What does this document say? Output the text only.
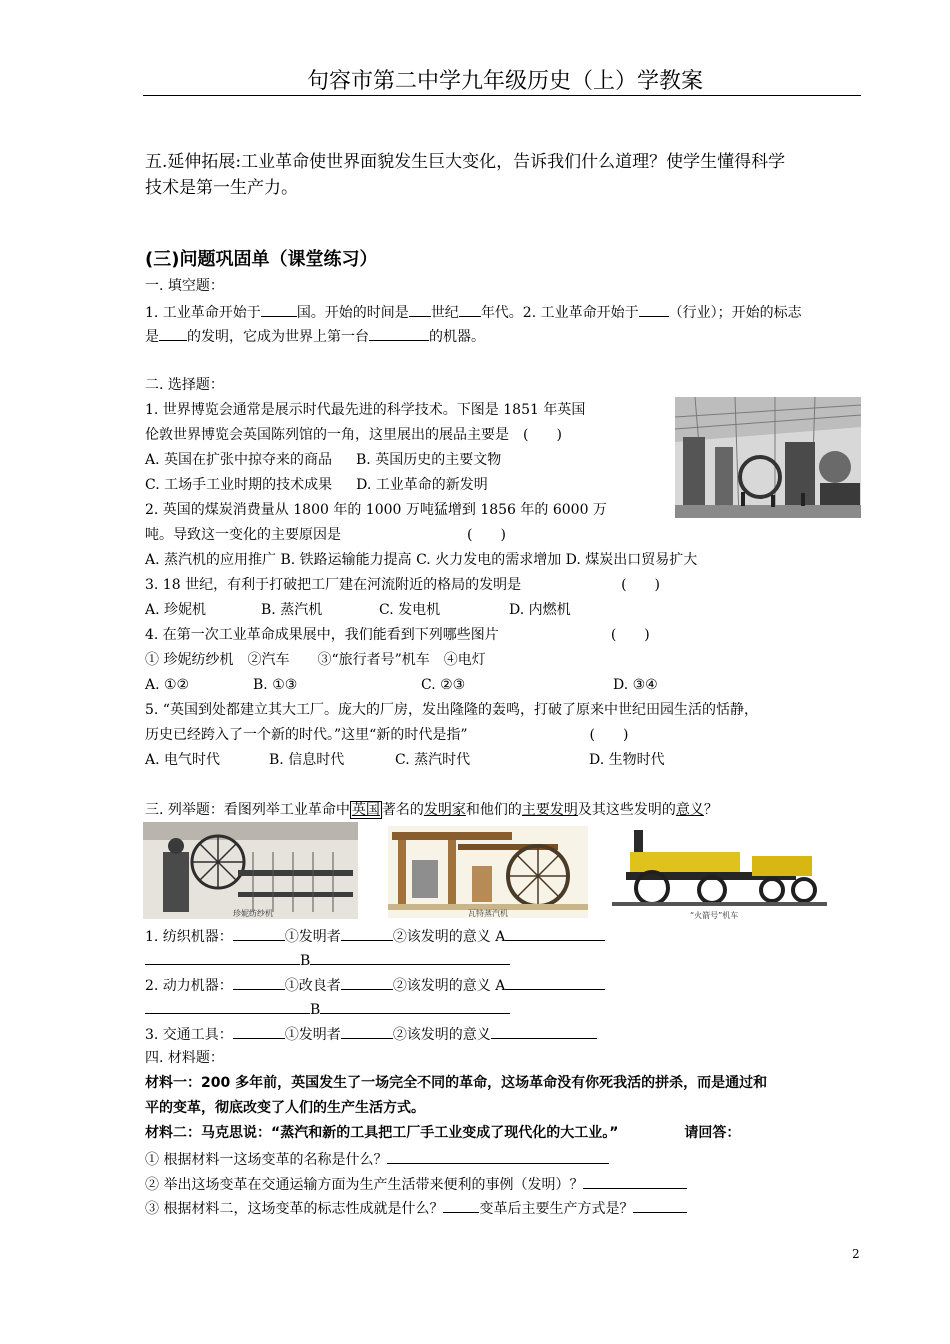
句容市第二中学九年级历史（上）学教案
五.延伸拓展:工业革命使世界面貌发生巨大变化，告诉我们什么道理？使学生懂得科学
技术是第一生产力。
(三)问题巩固单（课堂练习）
一. 填空题：
1. 工业革命开始于	国。开始的时间是 世纪 年代。2. 工业革命开始于 （行业）；开始的标志
是 的发明，它成为世界上第一台	的机器。
二. 选择题：
1. 世界博览会通常是展示时代最先进的科学技术。下图是 1851 年英国
伦敦世界博览会英国陈列馆的一角，这里展出的展品主要是　(　　)
A. 英国在扩张中掠夺来的商品 B. 英国历史的主要文物
C. 工场手工业时期的技术成果 D. 工业革命的新发明
2. 英国的煤炭消费量从 1800 年的 1000 万吨猛增到 1856 年的 6000 万
吨。导致这一变化的主要原因是	(　　)
A. 蒸汽机的应用推广 B. 铁路运输能力提高 C. 火力发电的需求增加 D. 煤炭出口贸易扩大
3. 18 世纪，有利于打破把工厂建在河流附近的格局的发明是	(　　)
A. 珍妮机	B. 蒸汽机	C. 发电机	D. 内燃机
4. 在第一次工业革命成果展中，我们能看到下列哪些图片	(　　)
① 珍妮纺纱机　②汽车　　③“旅行者号”机车　④电灯
A. ①②	B. ①③	C. ②③	D. ③④
5. “英国到处都建立其大工厂。庞大的厂房，发出隆隆的轰鸣，打破了原来中世纪田园生活的恬静，
历史已经跨入了一个新的时代。”这里“新的时代是指”	(　　)
A. 电气时代	B. 信息时代	C. 蒸汽时代	D. 生物时代
三. 列举题：看图列举工业革命中 英国 著名的发明家和他们的主要发明及其这些发明的意义？
珍妮纺纱机	瓦特蒸汽机	“火箭号”机车
1. 纺织机器：	①发明者	②该发明的意义 A
B
2. 动力机器：	①改良者	②该发明的意义 A
B
3. 交通工具：	①发明者	②该发明的意义
四. 材料题：
材料一：200 多年前，英国发生了一场完全不同的革命，这场革命没有你死我活的拼杀，而是通过和
平的变革，彻底改变了人们的生产生活方式。
材料二：马克思说：“蒸汽和新的工具把工厂手工业变成了现代化的大工业。”	请回答：
① 根据材料一这场变革的名称是什么？
② 举出这场变革在交通运输方面为生产生活带来便利的事例（发明）？
③ 根据材料二，这场变革的标志性成就是什么？	变革后主要生产方式是？
2
